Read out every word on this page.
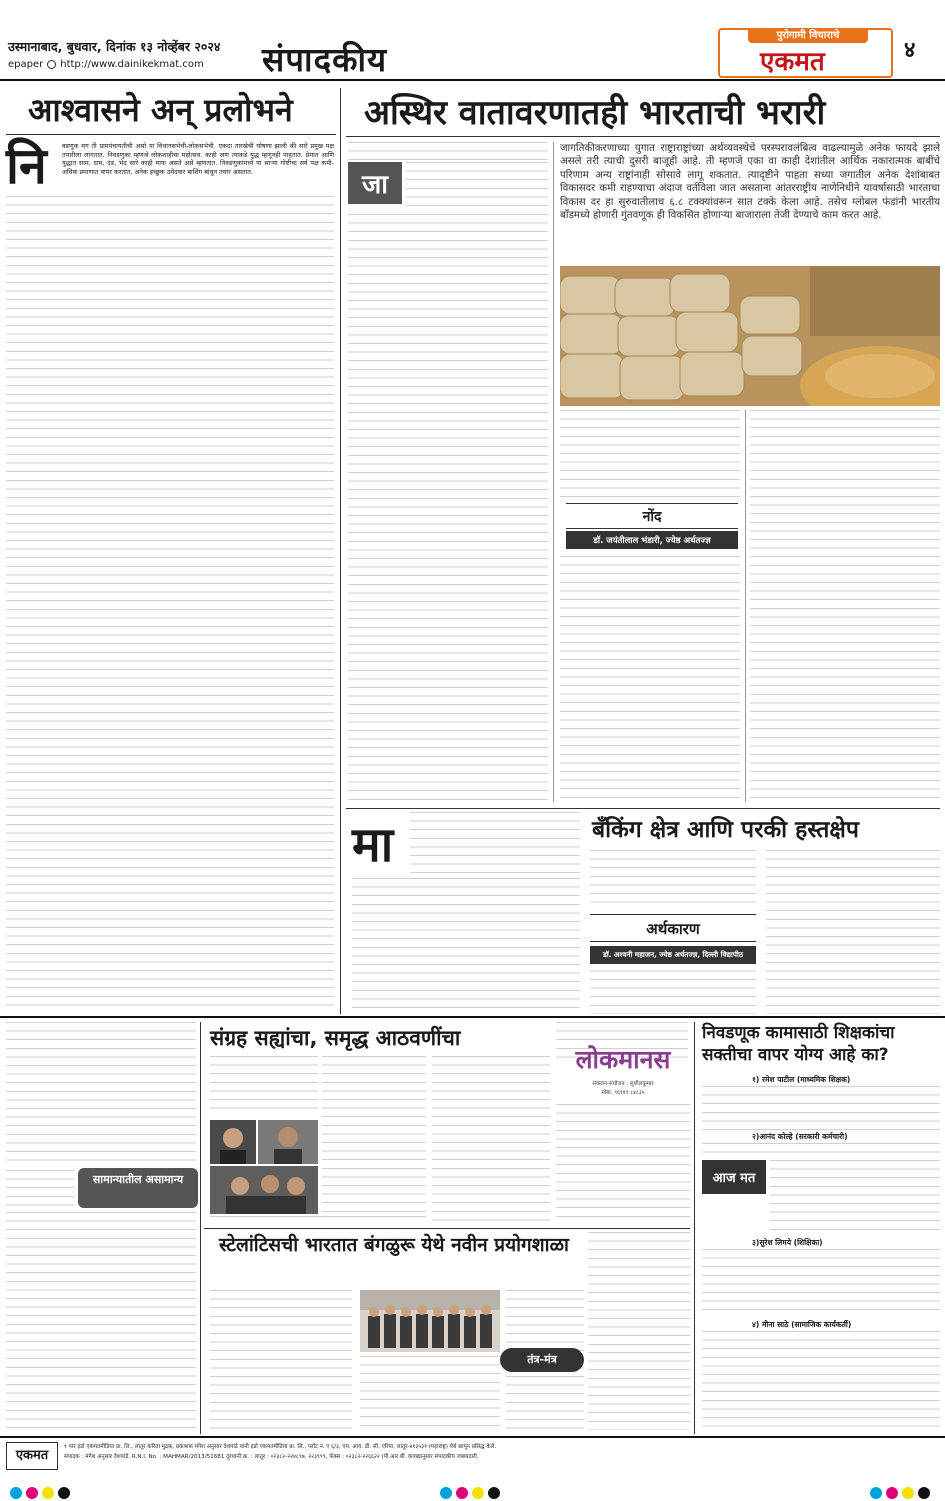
उस्मानाबाद, बुधवार, दिनांक १३ नोव्हेंबर २०२४
epaper http://www.dainikekmat.com संपादकीय
पुरोगामी विचाराचे
एकमत	४
आश्वासने अन् प्रलोभने
नि वडणुक मग ती प्रामपंचायतीची असो या विधानसभेची-लोकसभेची. एकदा तारखेची घोषणा झाली की सारे प्रमुख पक्ष तयारीला लागतात. निवडणुका म्हणजे लोकशाहीचा महोत्सव. काही जण त्याकडे युद्ध म्हणूनही पाहतात. प्रेमात आणि युद्धात साम, दाम, दंड, भेद सारे काही माफ असते असे म्हणतात. निवडणुकांमध्ये या साऱ्या गोष्टींचा सर्व पक्ष कमी-अधिक प्रमाणात वापर करतात. अनेक इच्छुक उमेदवार बाशिंग बांधून तयार असतात.
अस्थिर वातावरणातही भारताची भरारी
जा
जागतिकीकरणाच्या युगात राष्ट्राराष्ट्रांच्या अर्थव्यवस्थेचे परस्परावलंबित्व वाढल्यामुळे अनेक फायदे झाले असले तरी त्याची दुसरी बाजूही आहे. ती म्हणजे एका वा काही देशांतील आर्थिक नकारात्मक बाबींचे परिणाम अन्य राष्ट्रांनाही सोसावे लागू शकतात. त्यादृष्टीने पाहता सध्या जगातील अनेक देशांबाबत विकासदर कमी राहण्याचा अंदाज वर्तविला जात असताना आंतरराष्ट्रीय नाणेनिधीने यावर्षासाठी भारताचा विकास दर हा सुरुवातीलाच ६.८ टक्क्यांवरून सात टक्के केला आहे. तसेच ग्लोबल फंडांनी भारतीय बॉंडमध्ये होणारी गुंतवणूक ही विकसित होणाऱ्या बाजाराला तेजी देण्याचे काम करत आहे.
नोंद
डॉ. जयंतीलाल भंडारी, ज्येष्ठ अर्थतज्ज्ञ
मा	बँकिंग क्षेत्र आणि परकी हस्तक्षेप
अर्थकारण
डॉ. अश्वनी महाजन, ज्येष्ठ अर्थतज्ज्ञ, दिल्ली विद्यापीठ
सामान्यातील असामान्य
संग्रह सह्यांचा, समृद्ध आठवणींचा
लोकमानस
संकलन-संयोजन : सुशीलकुमार
मोबा. ९६११९ ८४८३५
निवडणूक कामासाठी शिक्षकांचा सक्तीचा वापर योग्य आहे का?
१) रमेश पाटील (माध्यमिक शिक्षक)
२)आनंद कोल्हे (सरकारी कर्मचारी)
आज मत
३)सुरेश लिमये (शिक्षिका)
४) मीना साठे (सामाजिक कार्यकर्ती)
स्टेलांटिसची भारतात बंगळुरू येथे नवीन प्रयोगशाळा
तंत्र-मंत्र
एकमत
१ पार इंडो एकमतमीडिया प्रा. लि., लातूर करिता मुद्रक, प्रकाशक मंगेश अनुसार देशपांडे यांनी इंडो एकमतमीडिया प्रा. लि., प्लॉट नं. ए ६/३, एम. आय. डी. सी. एरिया, लातूर-४१३५३१ (महाराष्ट्र) येथे छापून प्रसिद्ध केले.
संपादक : मंगेश अनुसार देशपांडे. R.N.I. No. : MAHMAR/2013/51681 दूरध्वनी क्र. : लातूर : ०२३८२-२२४८९७, २२३९९९, फॅक्स : ०२३८२-२२६६२२ (पी.आर.बी. कायद्यानुसार संपादकीय जबाबदारी.
